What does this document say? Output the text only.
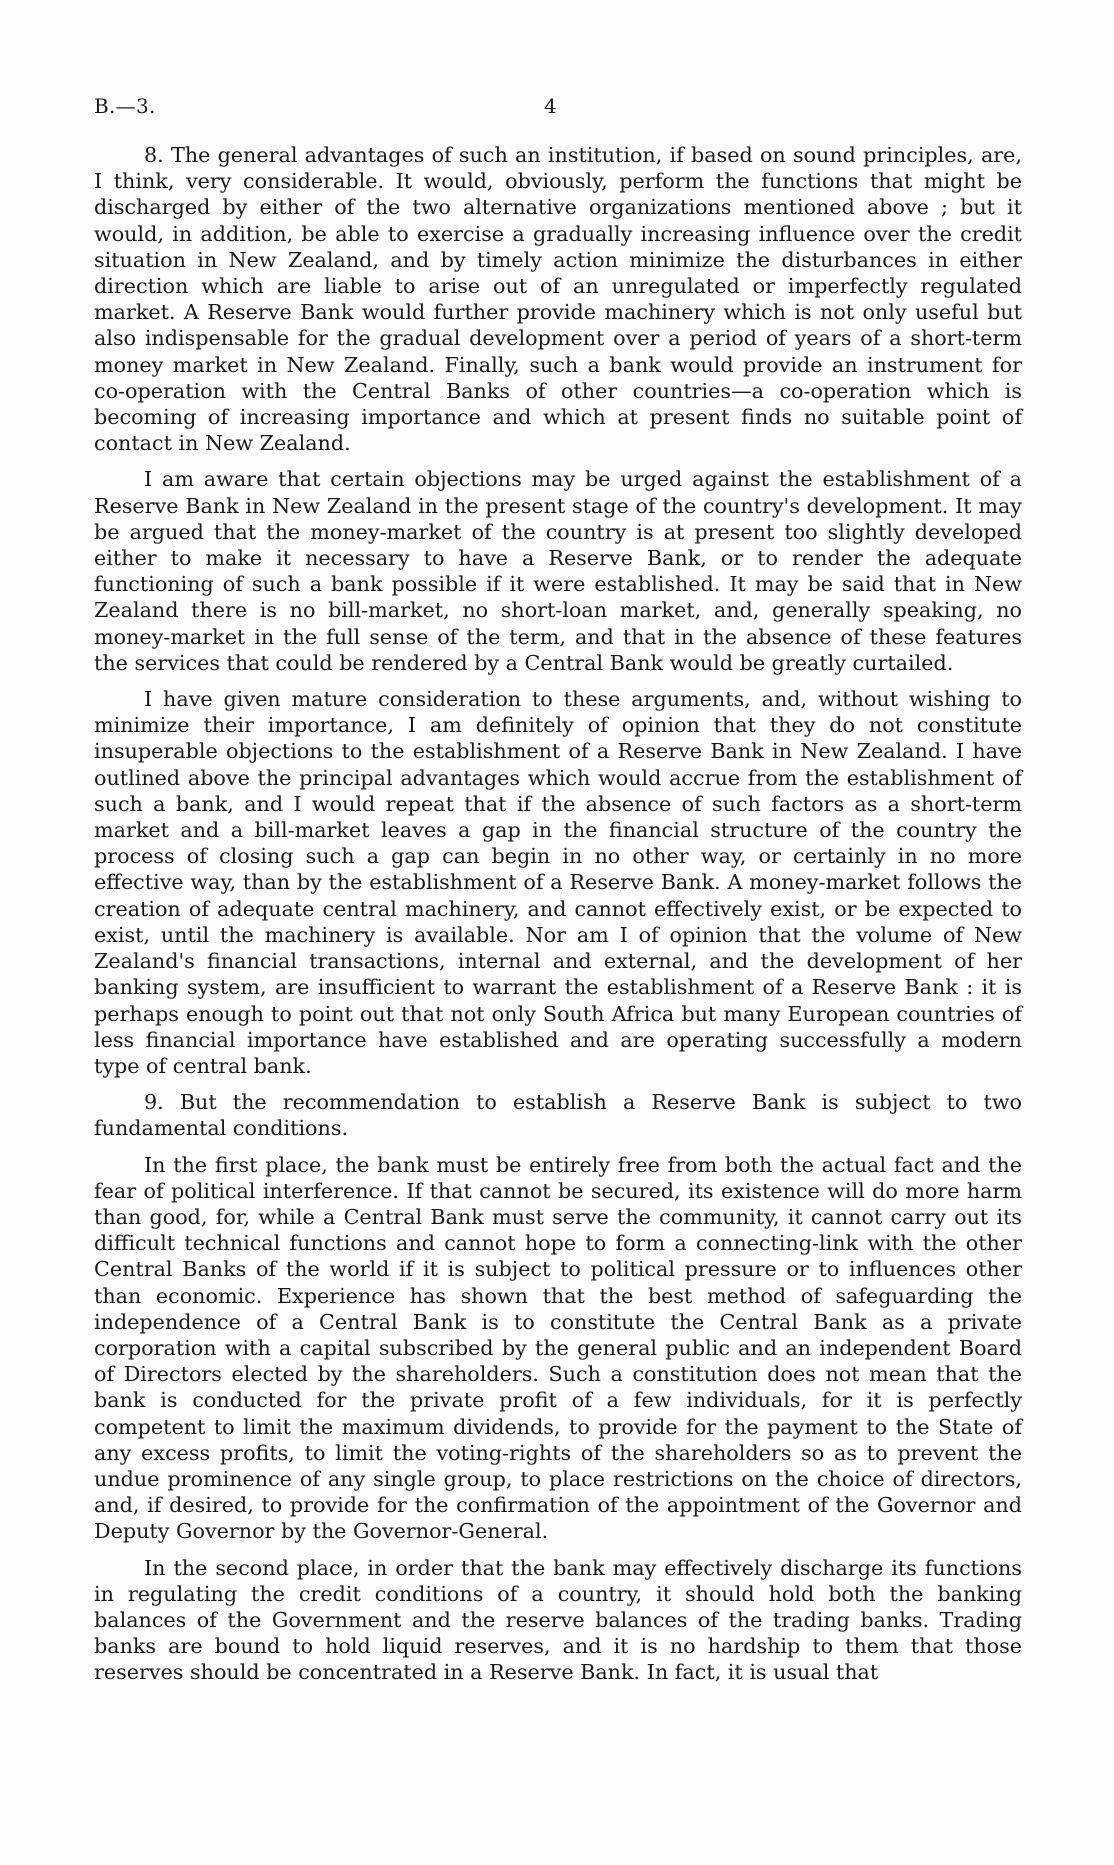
B.—3.	4

8. The general advantages of such an institution, if based on sound principles, are, I think, very considerable. It would, obviously, perform the functions that might be discharged by either of the two alternative organizations mentioned above ; but it would, in addition, be able to exercise a gradually increasing influence over the credit situation in New Zealand, and by timely action minimize the disturbances in either direction which are liable to arise out of an unregulated or imperfectly regulated market. A Reserve Bank would further provide machinery which is not only useful but also indispensable for the gradual development over a period of years of a short-term money market in New Zealand. Finally, such a bank would provide an instrument for co-operation with the Central Banks of other countries—a co-operation which is becoming of increasing importance and which at present finds no suitable point of contact in New Zealand.

I am aware that certain objections may be urged against the establishment of a Reserve Bank in New Zealand in the present stage of the country's development. It may be argued that the money-market of the country is at present too slightly developed either to make it necessary to have a Reserve Bank, or to render the adequate functioning of such a bank possible if it were established. It may be said that in New Zealand there is no bill-market, no short-loan market, and, generally speaking, no money-market in the full sense of the term, and that in the absence of these features the services that could be rendered by a Central Bank would be greatly curtailed.

I have given mature consideration to these arguments, and, without wishing to minimize their importance, I am definitely of opinion that they do not constitute insuperable objections to the establishment of a Reserve Bank in New Zealand. I have outlined above the principal advantages which would accrue from the establishment of such a bank, and I would repeat that if the absence of such factors as a short-term market and a bill-market leaves a gap in the financial structure of the country the process of closing such a gap can begin in no other way, or certainly in no more effective way, than by the establishment of a Reserve Bank. A money-market follows the creation of adequate central machinery, and cannot effectively exist, or be expected to exist, until the machinery is available. Nor am I of opinion that the volume of New Zealand's financial transactions, internal and external, and the development of her banking system, are insufficient to warrant the establishment of a Reserve Bank : it is perhaps enough to point out that not only South Africa but many European countries of less financial importance have established and are operating successfully a modern type of central bank.

9. But the recommendation to establish a Reserve Bank is subject to two fundamental conditions.

In the first place, the bank must be entirely free from both the actual fact and the fear of political interference. If that cannot be secured, its existence will do more harm than good, for, while a Central Bank must serve the community, it cannot carry out its difficult technical functions and cannot hope to form a connecting-link with the other Central Banks of the world if it is subject to political pressure or to influences other than economic. Experience has shown that the best method of safeguarding the independence of a Central Bank is to constitute the Central Bank as a private corporation with a capital subscribed by the general public and an independent Board of Directors elected by the shareholders. Such a constitution does not mean that the bank is conducted for the private profit of a few individuals, for it is perfectly competent to limit the maximum dividends, to provide for the payment to the State of any excess profits, to limit the voting-rights of the shareholders so as to prevent the undue prominence of any single group, to place restrictions on the choice of directors, and, if desired, to provide for the confirmation of the appointment of the Governor and Deputy Governor by the Governor-General.

In the second place, in order that the bank may effectively discharge its functions in regulating the credit conditions of a country, it should hold both the banking balances of the Government and the reserve balances of the trading banks. Trading banks are bound to hold liquid reserves, and it is no hardship to them that those reserves should be concentrated in a Reserve Bank. In fact, it is usual that
